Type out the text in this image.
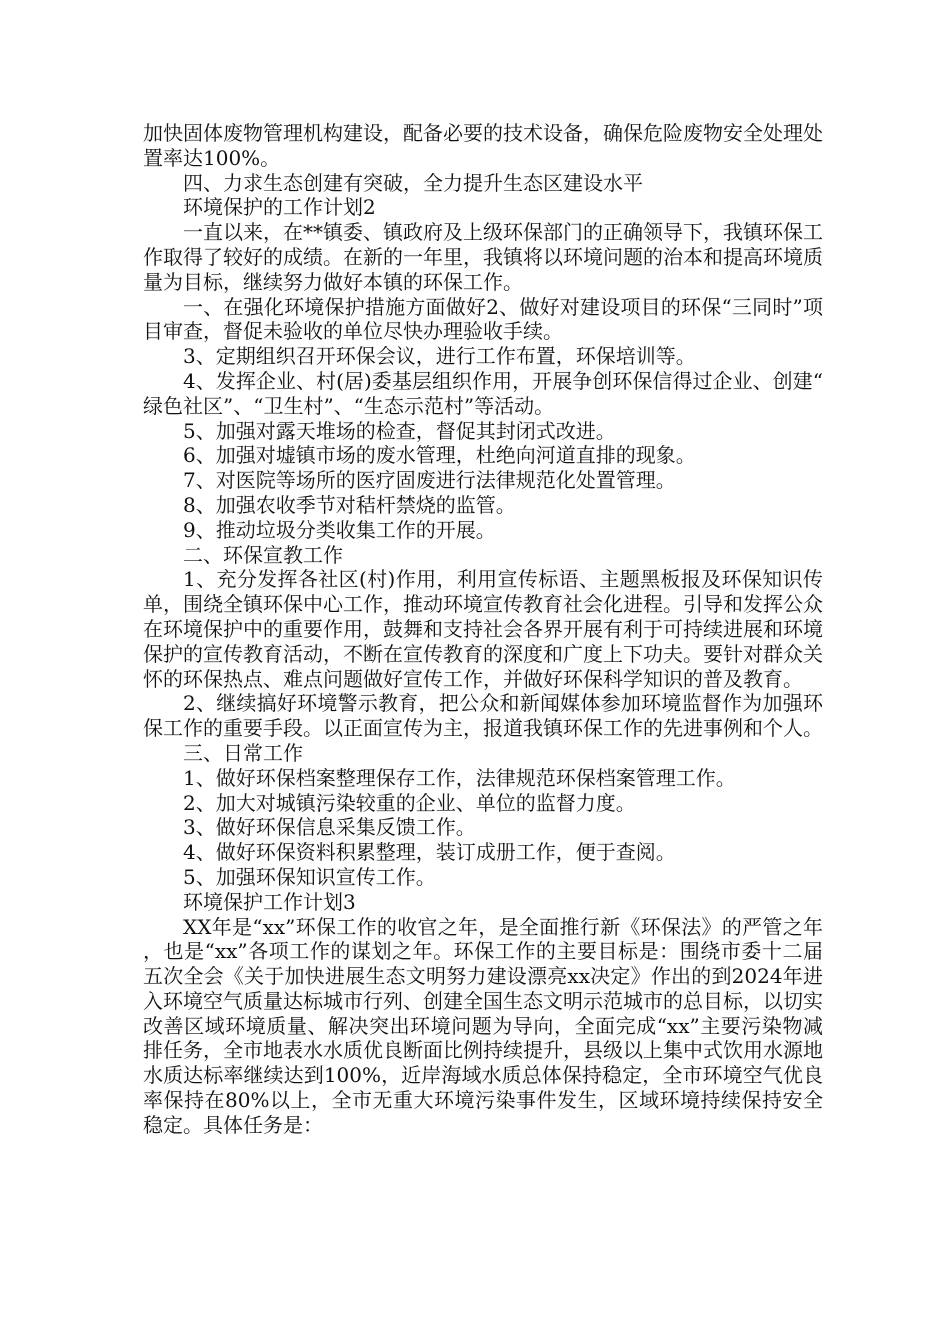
加快固体废物管理机构建设，配备必要的技术设备，确保危险废物安全处理处置率达100%。

四、力求生态创建有突破，全力提升生态区建设水平

环境保护的工作计划2

一直以来，在**镇委、镇政府及上级环保部门的正确领导下，我镇环保工作取得了较好的成绩。在新的一年里，我镇将以环境问题的治本和提高环境质量为目标，继续努力做好本镇的环保工作。

一、在强化环境保护措施方面做好2、做好对建设项目的环保“三同时”项目审查，督促未验收的单位尽快办理验收手续。

3、定期组织召开环保会议，进行工作布置，环保培训等。

4、发挥企业、村(居)委基层组织作用，开展争创环保信得过企业、创建“绿色社区”、“卫生村”、“生态示范村”等活动。

5、加强对露天堆场的检查，督促其封闭式改进。

6、加强对墟镇市场的废水管理，杜绝向河道直排的现象。

7、对医院等场所的医疗固废进行法律规范化处置管理。

8、加强农收季节对秸杆禁烧的监管。

9、推动垃圾分类收集工作的开展。

二、环保宣教工作

1、充分发挥各社区(村)作用，利用宣传标语、主题黑板报及环保知识传单，围绕全镇环保中心工作，推动环境宣传教育社会化进程。引导和发挥公众在环境保护中的重要作用，鼓舞和支持社会各界开展有利于可持续进展和环境保护的宣传教育活动，不断在宣传教育的深度和广度上下功夫。要针对群众关怀的环保热点、难点问题做好宣传工作，并做好环保科学知识的普及教育。

2、继续搞好环境警示教育，把公众和新闻媒体参加环境监督作为加强环保工作的重要手段。以正面宣传为主，报道我镇环保工作的先进事例和个人。

三、日常工作

1、做好环保档案整理保存工作，法律规范环保档案管理工作。

2、加大对城镇污染较重的企业、单位的监督力度。

3、做好环保信息采集反馈工作。

4、做好环保资料积累整理，装订成册工作，便于查阅。

5、加强环保知识宣传工作。

环境保护工作计划3

XX年是“xx”环保工作的收官之年，是全面推行新《环保法》的严管之年，也是“xx”各项工作的谋划之年。环保工作的主要目标是：围绕市委十二届五次全会《关于加快进展生态文明努力建设漂亮xx决定》作出的到2024年进入环境空气质量达标城市行列、创建全国生态文明示范城市的总目标，以切实改善区域环境质量、解决突出环境问题为导向，全面完成“xx”主要污染物减排任务，全市地表水水质优良断面比例持续提升，县级以上集中式饮用水源地水质达标率继续达到100%，近岸海域水质总体保持稳定，全市环境空气优良率保持在80%以上，全市无重大环境污染事件发生，区域环境持续保持安全稳定。具体任务是：
